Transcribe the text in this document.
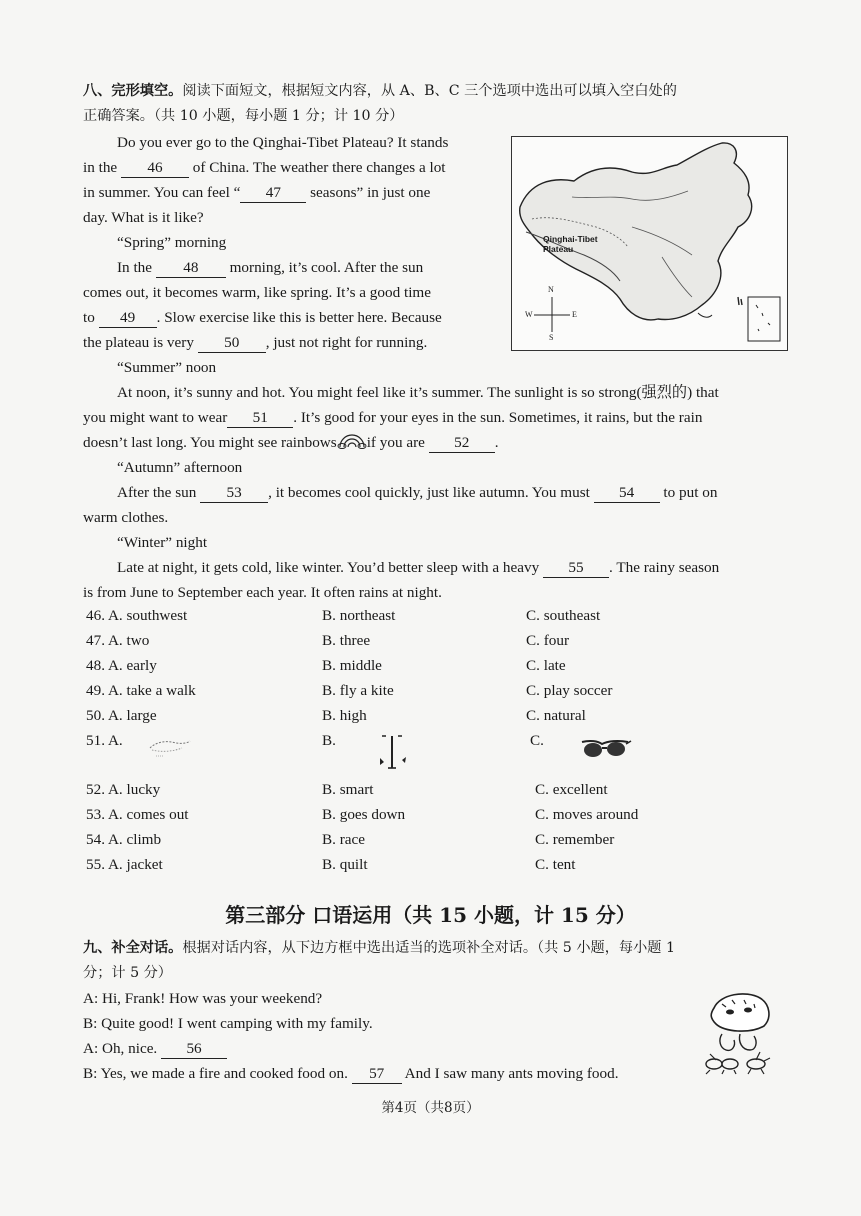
八、完形填空。阅读下面短文，根据短文内容，从 A、B、C 三个选项中选出可以填入空白处的
正确答案。（共 10 小题，每小题 1 分；计 10 分）
Do you ever go to the Qinghai-Tibet Plateau? It stands
in the 46 of China. The weather there changes a lot
in summer. You can feel “ 47 seasons” in just one
day. What is it like?
“Spring” morning
In the 48 morning, it’s cool. After the sun
comes out, it becomes warm, like spring. It’s a good time
to 49 . Slow exercise like this is better here. Because
the plateau is very 50 , just not right for running.
“Summer” noon
At noon, it’s sunny and hot. You might feel like it’s summer. The sunlight is so strong(强烈的) that
you might want to wear 51 . It’s good for your eyes in the sun. Sometimes, it rains, but the rain
doesn’t last long. You might see rainbows if you are 52 .
“Autumn” afternoon
After the sun 53 , it becomes cool quickly, just like autumn. You must 54 to put on
warm clothes.
“Winter” night
Late at night, it gets cold, like winter. You’d better sleep with a heavy 55 . The rainy season
is from June to September each year. It often rains at night.
Qinghai-Tibet
Plateau
N
S
W	E
46. A. southwest	B. northeast	C. southeast
47. A. two	B. three	C. four
48. A. early	B. middle	C. late
49. A. take a walk	B. fly a kite	C. play soccer
50. A. large	B. high	C. natural
51. A.	B.	C.
52. A. lucky	B. smart	C. excellent
53. A. comes out	B. goes down	C. moves around
54. A. climb	B. race	C. remember
55. A. jacket	B. quilt	C. tent
第三部分 口语运用（共 15 小题，计 15 分）
九、补全对话。根据对话内容，从下边方框中选出适当的选项补全对话。（共 5 小题，每小题 1
分；计 5 分）
A: Hi, Frank! How was your weekend?
B: Quite good! I went camping with my family.
A: Oh, nice. 56
B: Yes, we made a fire and cooked food on. 57 And I saw many ants moving food.
第4页（共8页）
